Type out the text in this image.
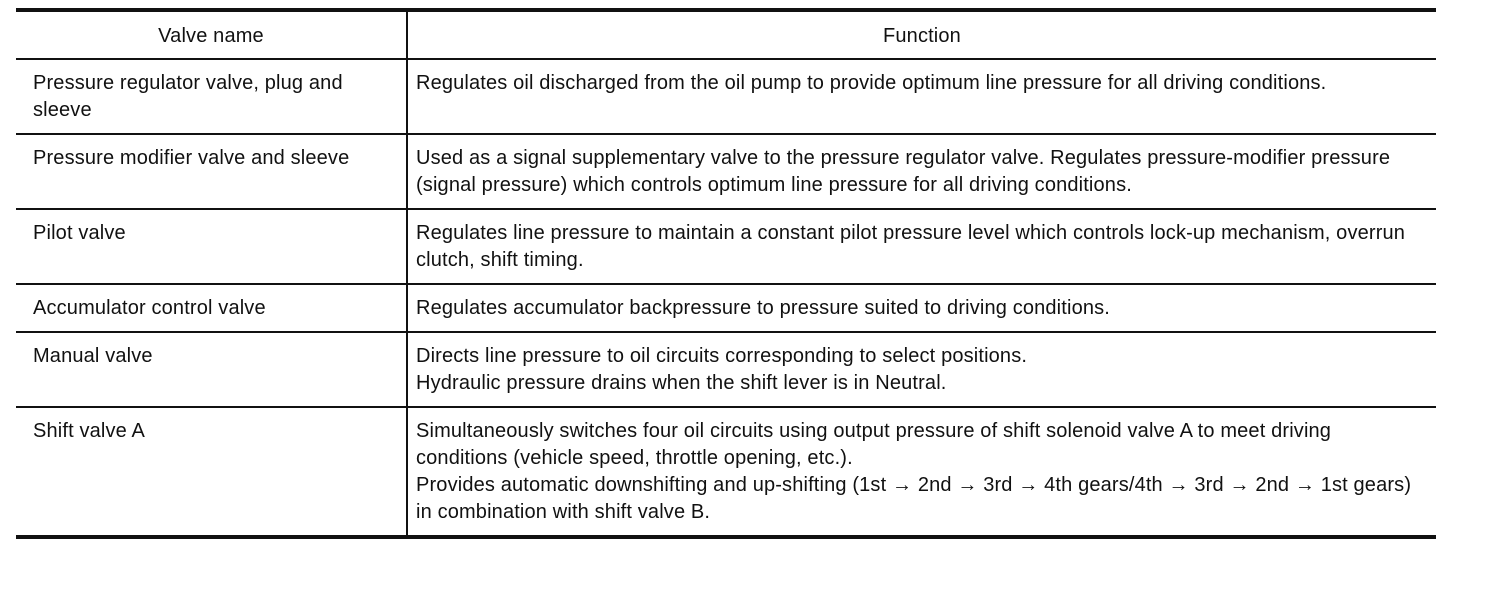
Valve name	Function
Pressure regulator valve, plug and sleeve	Regulates oil discharged from the oil pump to provide optimum line pressure for all driving conditions.

Pressure modifier valve and sleeve	Used as a signal supplementary valve to the pressure regulator valve. Regulates pressure-modifier pressure (signal pressure) which controls optimum line pressure for all driving conditions.

Pilot valve	Regulates line pressure to maintain a constant pilot pressure level which controls lock-up mechanism, overrun clutch, shift timing.

Accumulator control valve	Regulates accumulator backpressure to pressure suited to driving conditions.

Manual valve	Directs line pressure to oil circuits corresponding to select positions.
Hydraulic pressure drains when the shift lever is in Neutral.

Shift valve A	Simultaneously switches four oil circuits using output pressure of shift solenoid valve A to meet driving conditions (vehicle speed, throttle opening, etc.).
Provides automatic downshifting and up-shifting (1st → 2nd → 3rd → 4th gears/4th → 3rd → 2nd → 1st gears) in combination with shift valve B.
